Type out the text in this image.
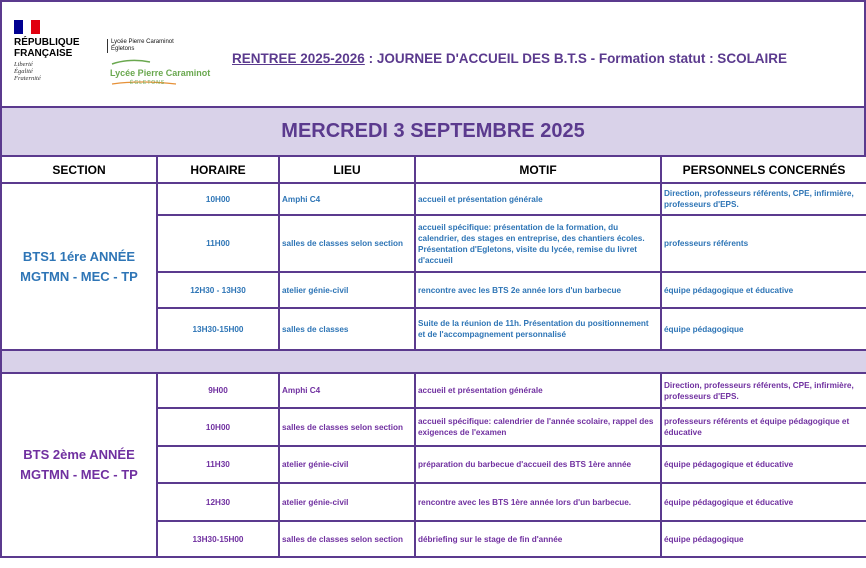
RÉPUBLIQUE
FRANÇAISE
Liberté
Égalité
Fraternité
Lycée Pierre Caraminot
Égletons
Lycée Pierre Caraminot
ÉGLETONS
RENTREE 2025-2026 : JOURNEE D'ACCUEIL DES B.T.S - Formation statut : SCOLAIRE
MERCREDI 3 SEPTEMBRE 2025
SECTION	HORAIRE	LIEU	MOTIF	PERSONNELS CONCERNÉS

BTS1 1ére ANNÉE
MGTMN - MEC - TP	10H00	Amphi C4	accueil et présentation générale	Direction, professeurs référents, CPE, infirmière, professeurs d'EPS.
	11H00	salles de classes selon section	accueil spécifique: présentation de la formation, du calendrier, des stages en entreprise, des chantiers écoles. Présentation d'Egletons, visite du lycée, remise du livret d'accueil	professeurs référents
	12H30 - 13H30	atelier génie-civil	rencontre avec les BTS 2e année lors d'un barbecue	équipe pédagogique et éducative
	13H30-15H00	salles de classes	Suite de la réunion de 11h. Présentation du positionnement et de l'accompagnement personnalisé	équipe pédagogique

BTS 2ème ANNÉE
MGTMN - MEC - TP	9H00	Amphi C4	accueil et présentation générale	Direction, professeurs référents, CPE, infirmière, professeurs d'EPS.
	10H00	salles de classes selon section	accueil spécifique: calendrier de l'année scolaire, rappel des exigences de l'examen	professeurs référents et équipe pédagogique et éducative
	11H30	atelier génie-civil	préparation du barbecue d'accueil des BTS 1ère année	équipe pédagogique et éducative
	12H30	atelier génie-civil	rencontre avec les BTS 1ère année lors d'un barbecue.	équipe pédagogique et éducative
	13H30-15H00	salles de classes selon section	débriefing sur le stage de fin d'année	équipe pédagogique
